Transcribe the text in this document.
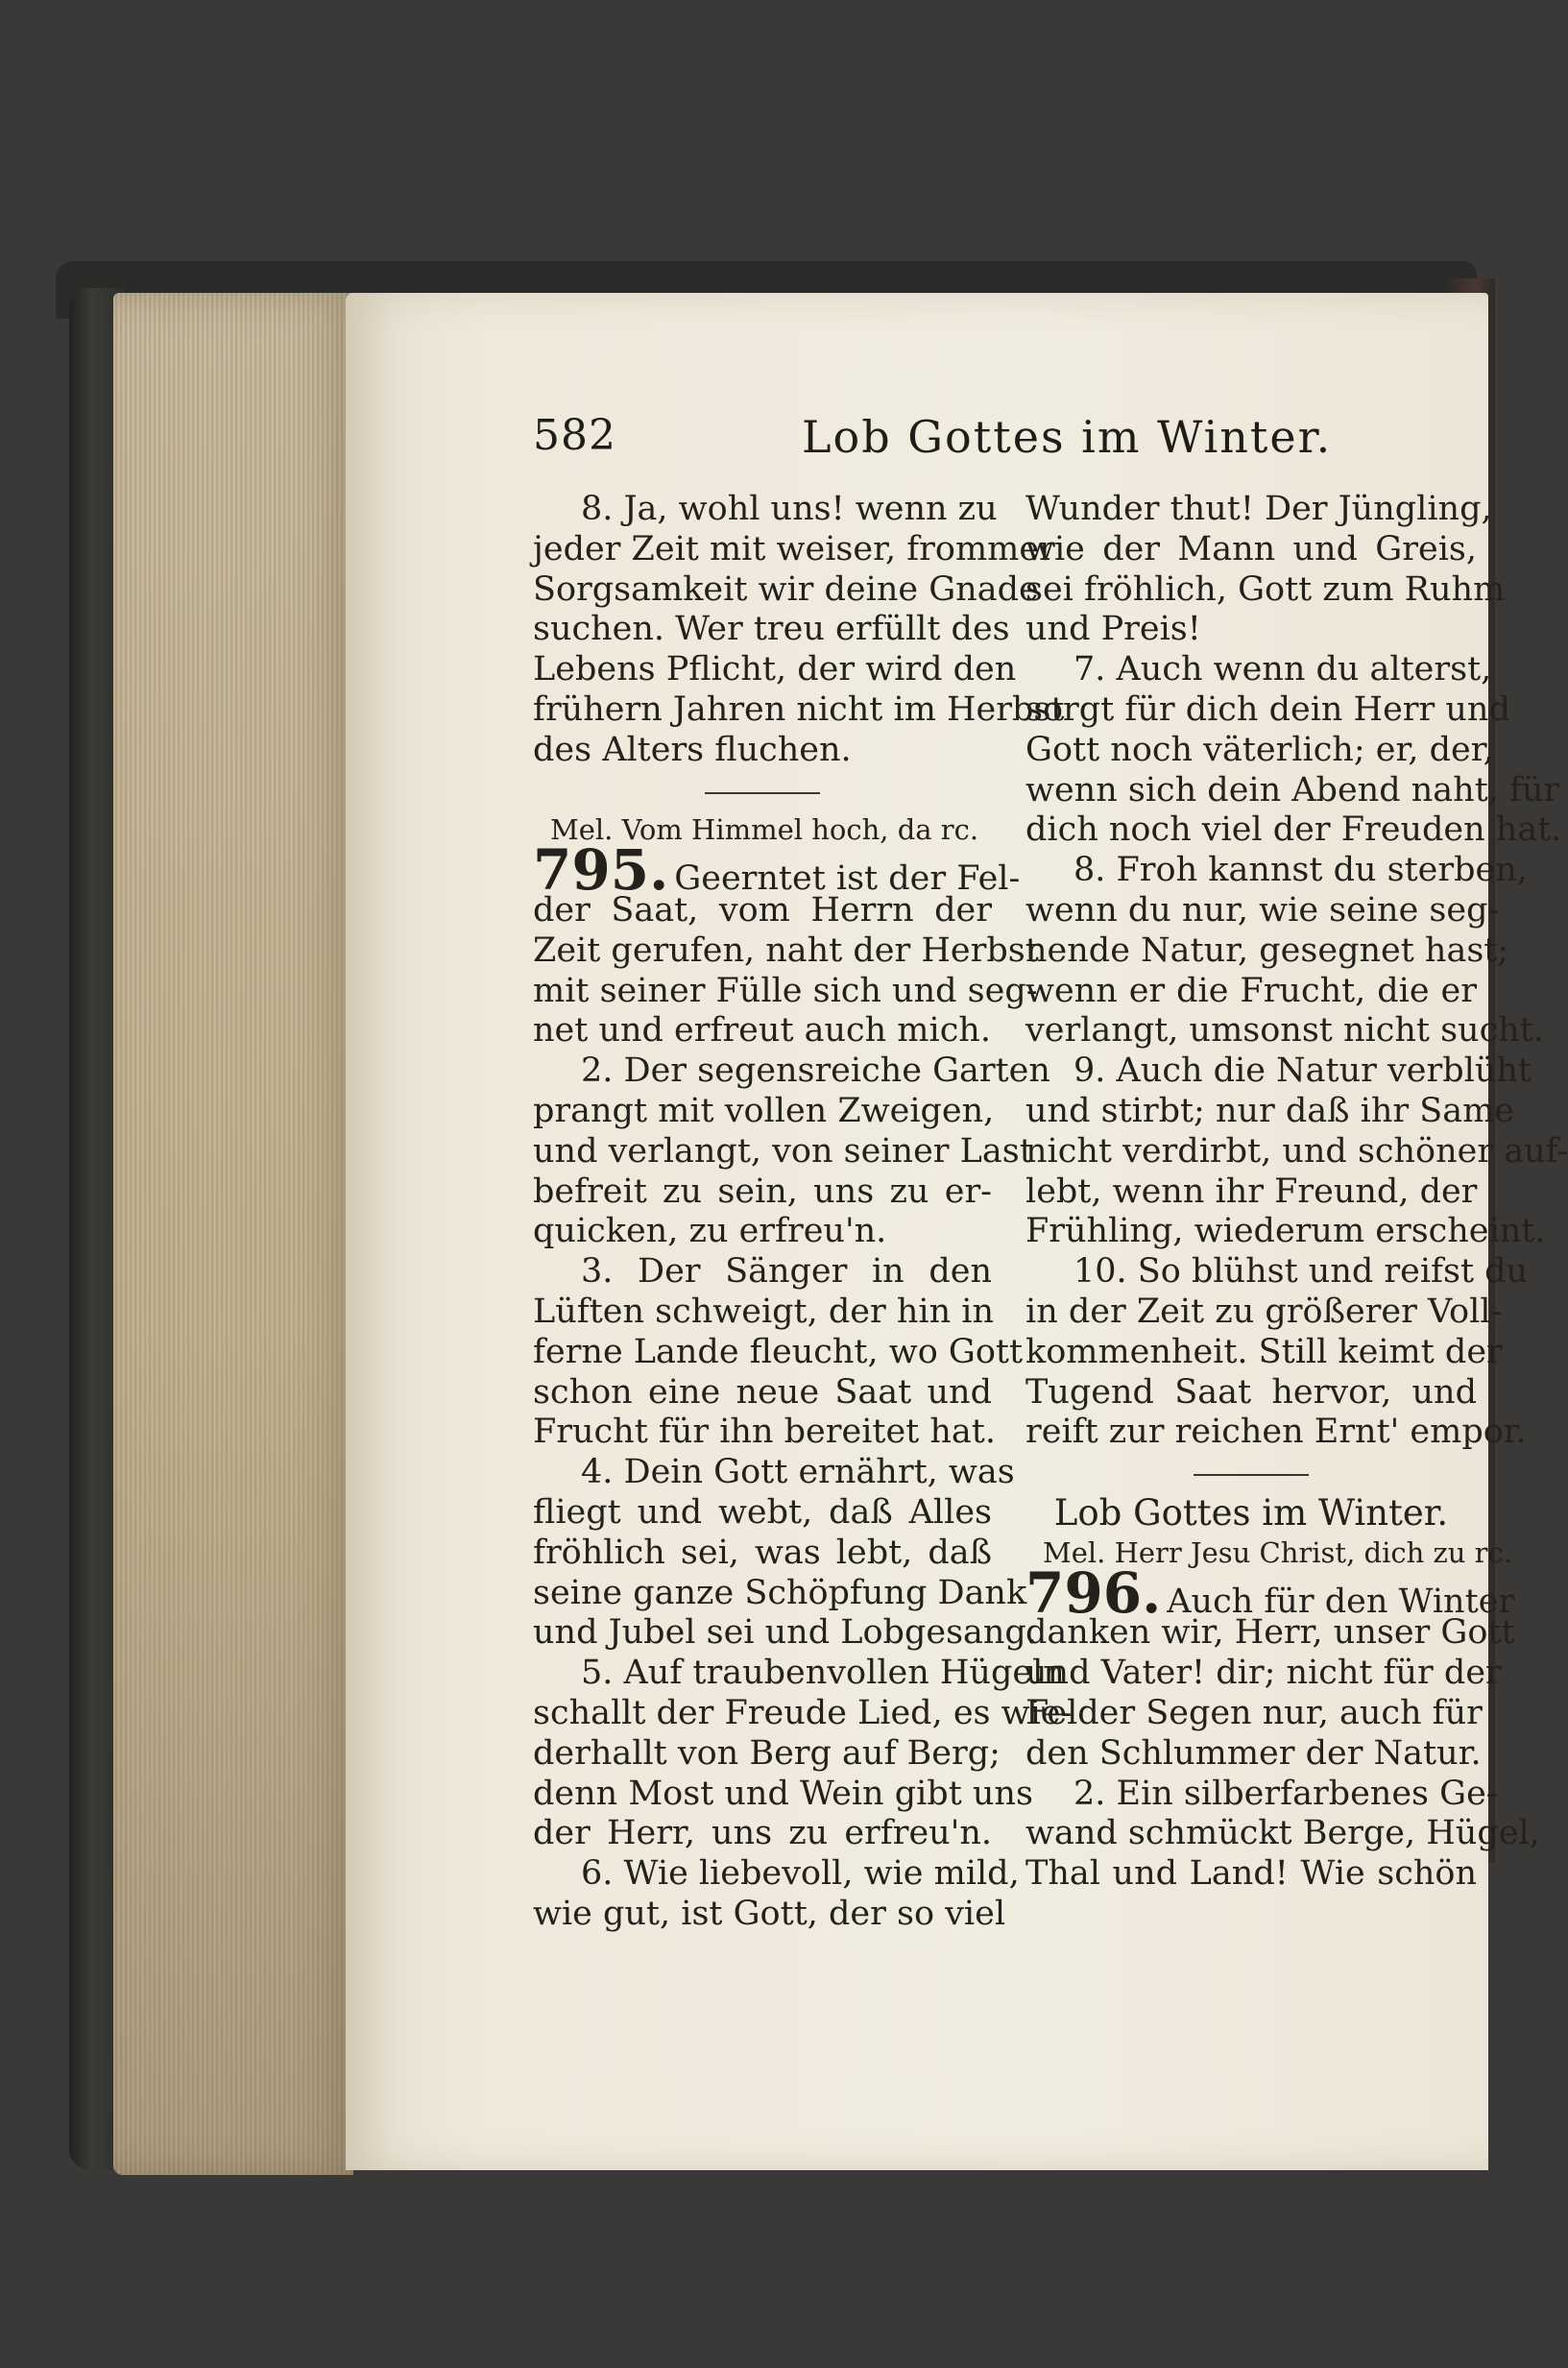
582	Lob Gottes im Winter.
8. Ja, wohl uns! wenn zu
jeder Zeit mit weiser, frommer
Sorgsamkeit wir deine Gnade
suchen. Wer treu erfüllt des
Lebens Pflicht, der wird den
frühern Jahren nicht im Herbst
des Alters fluchen.
Mel. Vom Himmel hoch, da rc.
795. Geerntet ist der Fel-
der Saat, vom Herrn der
Zeit gerufen, naht der Herbst
mit seiner Fülle sich und seg-
net und erfreut auch mich.
2. Der segensreiche Garten
prangt mit vollen Zweigen,
und verlangt, von seiner Last
befreit zu sein, uns zu er-
quicken, zu erfreu'n.
3. Der Sänger in den
Lüften schweigt, der hin in
ferne Lande fleucht, wo Gott
schon eine neue Saat und
Frucht für ihn bereitet hat.
4. Dein Gott ernährt, was
fliegt und webt, daß Alles
fröhlich sei, was lebt, daß
seine ganze Schöpfung Dank
und Jubel sei und Lobgesang.
5. Auf traubenvollen Hügeln
schallt der Freude Lied, es wie-
derhallt von Berg auf Berg;
denn Most und Wein gibt uns
der Herr, uns zu erfreu'n.
6. Wie liebevoll, wie mild,
wie gut, ist Gott, der so viel
Wunder thut! Der Jüngling,
wie der Mann und Greis,
sei fröhlich, Gott zum Ruhm
und Preis!
7. Auch wenn du alterst,
sorgt für dich dein Herr und
Gott noch väterlich; er, der,
wenn sich dein Abend naht, für
dich noch viel der Freuden hat.
8. Froh kannst du sterben,
wenn du nur, wie seine seg-
nende Natur, gesegnet hast;
wenn er die Frucht, die er
verlangt, umsonst nicht sucht.
9. Auch die Natur verblüht
und stirbt; nur daß ihr Same
nicht verdirbt, und schöner auf-
lebt, wenn ihr Freund, der
Frühling, wiederum erscheint.
10. So blühst und reifst du
in der Zeit zu größerer Voll-
kommenheit. Still keimt der
Tugend Saat hervor, und
reift zur reichen Ernt' empor.
Lob Gottes im Winter.
Mel. Herr Jesu Christ, dich zu rc.
796. Auch für den Winter
danken wir, Herr, unser Gott
und Vater! dir; nicht für der
Felder Segen nur, auch für
den Schlummer der Natur.
2. Ein silberfarbenes Ge-
wand schmückt Berge, Hügel,
Thal und Land! Wie schön
